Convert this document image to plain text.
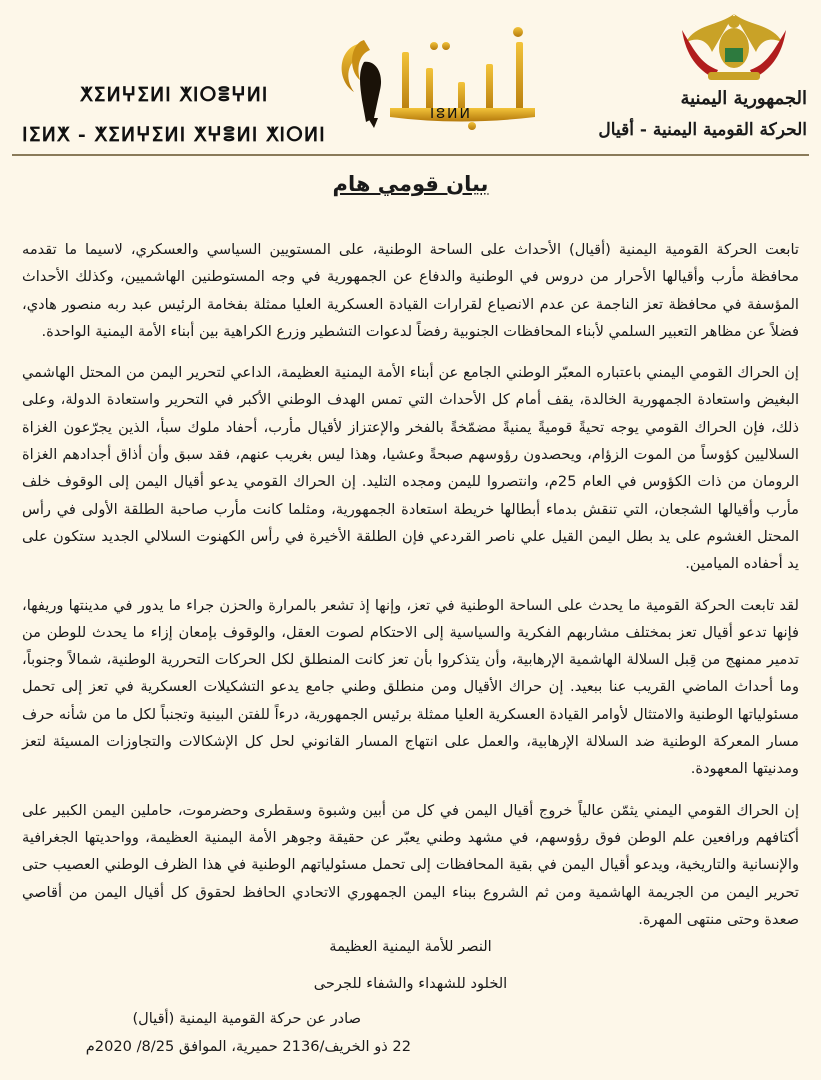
ⵅⵉⵍⵖⵉⵍⵏ ⵅⵏⵔⴻⵖⵍⵏ
ⵏⵉⵍⵅ - ⵅⵉⵍⵖⵉⵍⵏ ⵅⵖⴻⵍⵏ ⵅⵏⵔⵍⵏ
أقيال
ⵏⵓⵍⵍ
الجمهورية اليمنية
الحركة القومية اليمنية - أقيال
بيان قومي هام

تابعت الحركة القومية اليمنية (أقيال) الأحداث على الساحة الوطنية، على المستويين السياسي والعسكري، لاسيما ما تقدمه محافظة مأرب وأقيالها الأحرار من دروس في الوطنية والدفاع عن الجمهورية في وجه المستوطنين الهاشميين، وكذلك الأحداث المؤسفة في محافظة تعز الناجمة عن عدم الانصياع لقرارات القيادة العسكرية العليا ممثلة بفخامة الرئيس عبد ربه منصور هادي، فضلاً عن مظاهر التعبير السلمي لأبناء المحافظات الجنوبية رفضاً لدعوات التشطير وزرع الكراهية بين أبناء الأمة اليمنية الواحدة.

إن الحراك القومي اليمني باعتباره المعبّر الوطني الجامع عن أبناء الأمة اليمنية العظيمة، الداعي لتحرير اليمن من المحتل الهاشمي البغيض واستعادة الجمهورية الخالدة، يقف أمام كل الأحداث التي تمس الهدف الوطني الأكبر في التحرير واستعادة الدولة، وعلى ذلك، فإن الحراك القومي يوجه تحيةً قوميةً يمنيةً مضمّخةً بالفخر والإعتزاز لأقيال مأرب، أحفاد ملوك سبأ، الذين يجرّعون الغزاة السلاليين كؤوساً من الموت الزؤام، ويحصدون رؤوسهم صبحةً وعشيا، وهذا ليس بغريب عنهم، فقد سبق وأن أذاق أجدادهم الغزاة الرومان من ذات الكؤوس في العام 25م، وانتصروا لليمن ومجده التليد. إن الحراك القومي يدعو أقيال اليمن إلى الوقوف خلف مأرب وأقيالها الشجعان، التي تنقش بدماء أبطالها خريطة استعادة الجمهورية، ومثلما كانت مأرب صاحبة الطلقة الأولى في رأس المحتل الغشوم على يد بطل اليمن القيل علي ناصر القردعي فإن الطلقة الأخيرة في رأس الكهنوت السلالي الجديد ستكون على يد أحفاده الميامين.

لقد تابعت الحركة القومية ما يحدث على الساحة الوطنية في تعز، وإنها إذ تشعر بالمرارة والحزن جراء ما يدور في مدينتها وريفها، فإنها تدعو أقيال تعز بمختلف مشاربهم الفكرية والسياسية إلى الاحتكام لصوت العقل، والوقوف بإمعان إزاء ما يحدث للوطن من تدمير ممنهج من قِبل السلالة الهاشمية الإرهابية، وأن يتذكروا بأن تعز كانت المنطلق لكل الحركات التحررية الوطنية، شمالاً وجنوباً، وما أحداث الماضي القريب عنا ببعيد. إن حراك الأقيال ومن منطلق وطني جامع يدعو التشكيلات العسكرية في تعز إلى تحمل مسئولياتها الوطنية والامتثال لأوامر القيادة العسكرية العليا ممثلة برئيس الجمهورية، درءاً للفتن البينية وتجنباً لكل ما من شأنه حرف مسار المعركة الوطنية ضد السلالة الإرهابية، والعمل على انتهاج المسار القانوني لحل كل الإشكالات والتجاوزات المسيئة لتعز ومدنيتها المعهودة.

إن الحراك القومي اليمني يثمّن عالياً خروج أقيال اليمن في كل من أبين وشبوة وسقطرى وحضرموت، حاملين اليمن الكبير على أكتافهم ورافعين علم الوطن فوق رؤوسهم، في مشهد وطني يعبّر عن حقيقة وجوهر الأمة اليمنية العظيمة، وواحديتها الجغرافية والإنسانية والتاريخية، ويدعو أقيال اليمن في بقية المحافظات إلى تحمل مسئولياتهم الوطنية في هذا الظرف الوطني العصيب حتى تحرير اليمن من الجريمة الهاشمية ومن ثم الشروع ببناء اليمن الجمهوري الاتحادي الحافظ لحقوق كل أقيال اليمن من أقاصي صعدة وحتى منتهى المهرة.

النصر للأمة اليمنية العظيمة
الخلود للشهداء والشفاء للجرحى
صادر عن حركة القومية اليمنية (أقيال)
22 ذو الخريف/2136 حميرية، الموافق 8/25/ 2020م
